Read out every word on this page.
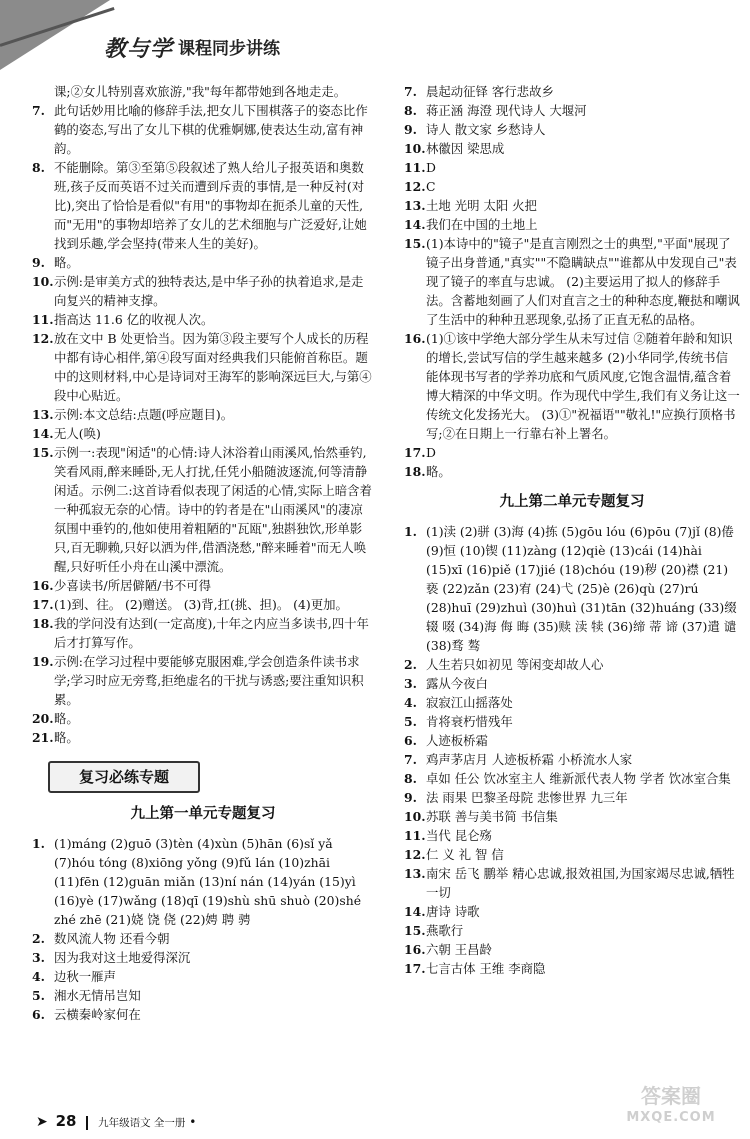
教与学 课程同步讲练
课;②女儿特别喜欢旅游,"我"每年都带她到各地走走。
7. 此句话妙用比喻的修辞手法,把女儿下围棋落子的姿态比作鹤的姿态,写出了女儿下棋的优雅婀娜,使表达生动,富有神韵。
8. 不能删除。第③至第⑤段叙述了熟人给儿子报英语和奥数班,孩子反而英语不过关而遭到斥责的事情,是一种反衬(对比),突出了恰恰是看似"有用"的事物却在扼杀儿童的天性,而"无用"的事物却培养了女儿的艺术细胞与广泛爱好,让她找到乐趣,学会坚持(带来人生的美好)。
9. 略。
10. 示例:是审美方式的独特表达,是中华子孙的执着追求,是走向复兴的精神支撑。
11. 指高达 11.6 亿的收视人次。
12. 放在文中 B 处更恰当。因为第③段主要写个人成长的历程中都有诗心相伴,第④段写面对经典我们只能俯首称臣。题中的这则材料,中心是诗词对王海军的影响深远巨大,与第④段中心贴近。
13. 示例:本文总结:点题(呼应题目)。
14. 无人(唤)
15. 示例一:表现"闲适"的心情:诗人沐浴着山雨溪风,怡然垂钓,笑看风雨,醉来睡卧,无人打扰,任凭小船随波逐流,何等清静闲适。示例二:这首诗看似表现了闲适的心情,实际上暗含着一种孤寂无奈的心情。诗中的钓者是在"山雨溪风"的凄凉氛围中垂钓的,他如使用着粗陋的"瓦瓯",独斟独饮,形单影只,百无聊赖,只好以洒为伴,借酒浇愁,"醉来睡着"而无人唤醒,只好听任小舟在山溪中漂流。
16. 少喜读书/所居僻陋/书不可得
17. (1)到、往。 (2)赠送。 (3)背,扛(挑、担)。 (4)更加。
18. 我的学问没有达到(一定高度),十年之内应当多读书,四十年后才打算写作。
19. 示例:在学习过程中要能够克服困难,学会创造条件读书求学;学习时应无旁骛,拒绝虚名的干扰与诱惑;要注重知识积累。
20. 略。
21. 略。
复习必练专题
九上第一单元专题复习
1. (1)máng (2)guō (3)tèn (4)xùn (5)hān (6)sǐ yǎ (7)hóu tóng (8)xiōng yǒng (9)fǔ lán (10)zhāi (11)fēn (12)guān miǎn (13)ní nán (14)yán (15)yì (16)yè (17)wǎng (18)qī (19)shù shū shuò (20)shé zhé zhē (21)娆 饶 侥 (22)娉 聘 骋
2. 数风流人物 还看今朝
3. 因为我对这土地爱得深沉
4. 边秋一雁声
5. 湘水无情吊岂知
6. 云横秦岭家何在
7. 晨起动征铎 客行悲故乡
8. 蒋正涵 海澄 现代诗人 大堰河
9. 诗人 散文家 乡愁诗人
10. 林徽因 梁思成
11. D
12. C
13. 土地 光明 太阳 火把
14. 我们在中国的土地上
15. (1)本诗中的"镜子"是直言刚烈之士的典型,"平面"展现了镜子出身普通,"真实""不隐瞒缺点""谁都从中发现自己"表现了镜子的率直与忠诚。 (2)主要运用了拟人的修辞手法。含蓄地刻画了人们对直言之士的种种态度,鞭挞和嘲讽了生活中的种种丑恶现象,弘扬了正直无私的品格。
16. (1)①该中学绝大部分学生从未写过信 ②随着年龄和知识的增长,尝试写信的学生越来越多 (2)小华同学,传统书信能体现书写者的学养功底和气质风度,它饱含温情,蕴含着博大精深的中华文明。作为现代中学生,我们有义务让这一传统文化发扬光大。 (3)①"祝福语""敬礼!"应换行顶格书写;②在日期上一行靠右补上署名。
17. D
18. 略。
九上第二单元专题复习
1. (1)渎 (2)骈 (3)海 (4)拣 (5)gōu lóu (6)pōu (7)jǐ (8)倦 (9)恒 (10)锲 (11)zàng (12)qiè (13)cái (14)hài (15)xī (16)piě (17)jié (18)chóu (19)秽 (20)襟 (21)亵 (22)zǎn (23)宥 (24)弋 (25)è (26)qù (27)rú (28)huī (29)zhuì (30)huì (31)tān (32)huáng (33)缀 辍 啜 (34)海 侮 晦 (35)赎 渎 犊 (36)缔 蒂 谛 (37)遣 谴 (38)骛 骜
2. 人生若只如初见 等闲变却故人心
3. 露从今夜白
4. 寂寂江山摇落处
5. 肯将衰朽惜残年
6. 人迹板桥霜
7. 鸡声茅店月 人迹板桥霜 小桥流水人家
8. 卓如 任公 饮冰室主人 维新派代表人物 学者 饮冰室合集
9. 法 雨果 巴黎圣母院 悲惨世界 九三年
10. 苏联 善与美书简 书信集
11. 当代 昆仑殇
12. 仁 义 礼 智 信
13. 南宋 岳飞 鹏举 精心忠诚,报效祖国,为国家竭尽忠诚,牺牲一切
14. 唐诗 诗歌
15. 燕歌行
16. 六朝 王昌龄
17. 七言古体 王维 李商隐
➤ 28 九年级语文 全一册 •
答案圈
MXQE.COM
